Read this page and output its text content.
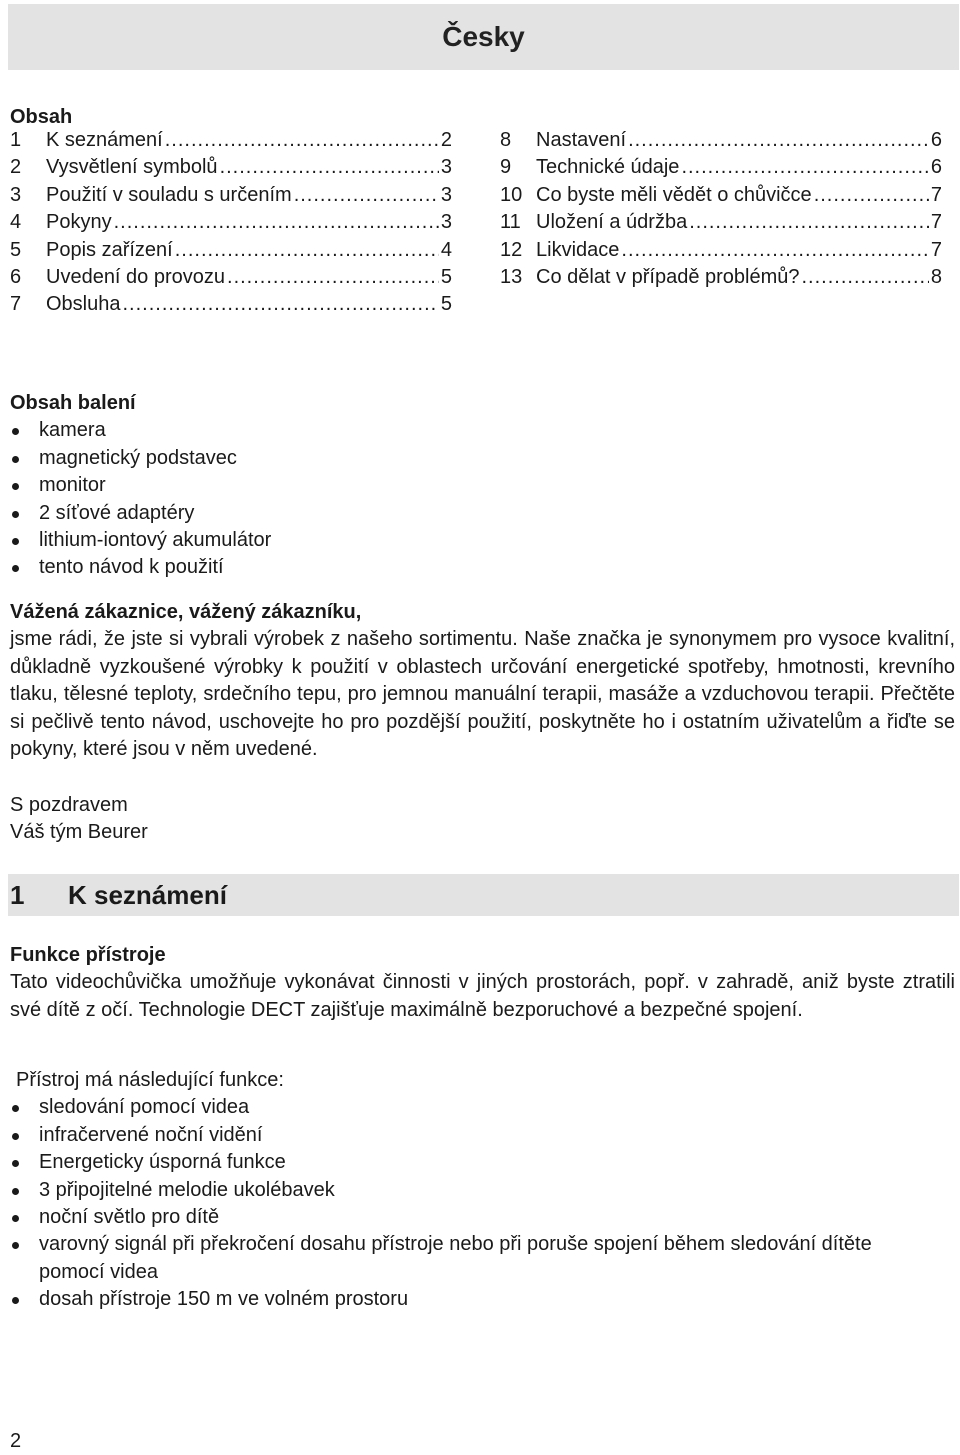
Česky
Obsah
1	K seznámení .....	2
2	Vysvětlení symbolů .....	3
3	Použití v souladu s určením .....	3
4	Pokyny .....	3
5	Popis zařízení .....	4
6	Uvedení do provozu .....	5
7	Obsluha .....	5
8	Nastavení .....	6
9	Technické údaje .....	6
10 Co byste měli vědět o chůvičce .....	7
11 Uložení a údržba .....	7
12 Likvidace .....	7
13 Co dělat v případě problémů? .....	8
Obsah balení
kamera
magnetický podstavec
monitor
2 síťové adaptéry
lithium-iontový akumulátor
tento návod k použití
Vážená zákaznice, vážený zákazníku,

jsme rádi, že jste si vybrali výrobek z našeho sortimentu. Naše značka je synonymem pro vysoce kvalitní, důkladně vyzkoušené výrobky k použití v oblastech určování energetické spotřeby, hmotnosti, krevního tlaku, tělesné teploty, srdečního tepu, pro jemnou manuální terapii, masáže a vzduchovou terapii. Přečtěte si pečlivě tento návod, uschovejte ho pro pozdější použití, poskytněte ho i ostatním uživatelům a řiďte se pokyny, které jsou v něm uvedené.

S pozdravem
Váš tým Beurer
1 K seznámení
Funkce přístroje

Tato videochůvička umožňuje vykonávat činnosti v jiných prostorách, popř. v zahradě, aniž byste ztratili své dítě z očí. Technologie DECT zajišťuje maximálně bezporuchové a bezpečné spojení.

Přístroj má následující funkce:
sledování pomocí videa
infračervené noční vidění
Energeticky úsporná funkce
3 připojitelné melodie ukolébavek
noční světlo pro dítě
varovný signál při překročení dosahu přístroje nebo při poruše spojení během sledování dítěte pomocí videa
dosah přístroje 150 m ve volném prostoru
2
